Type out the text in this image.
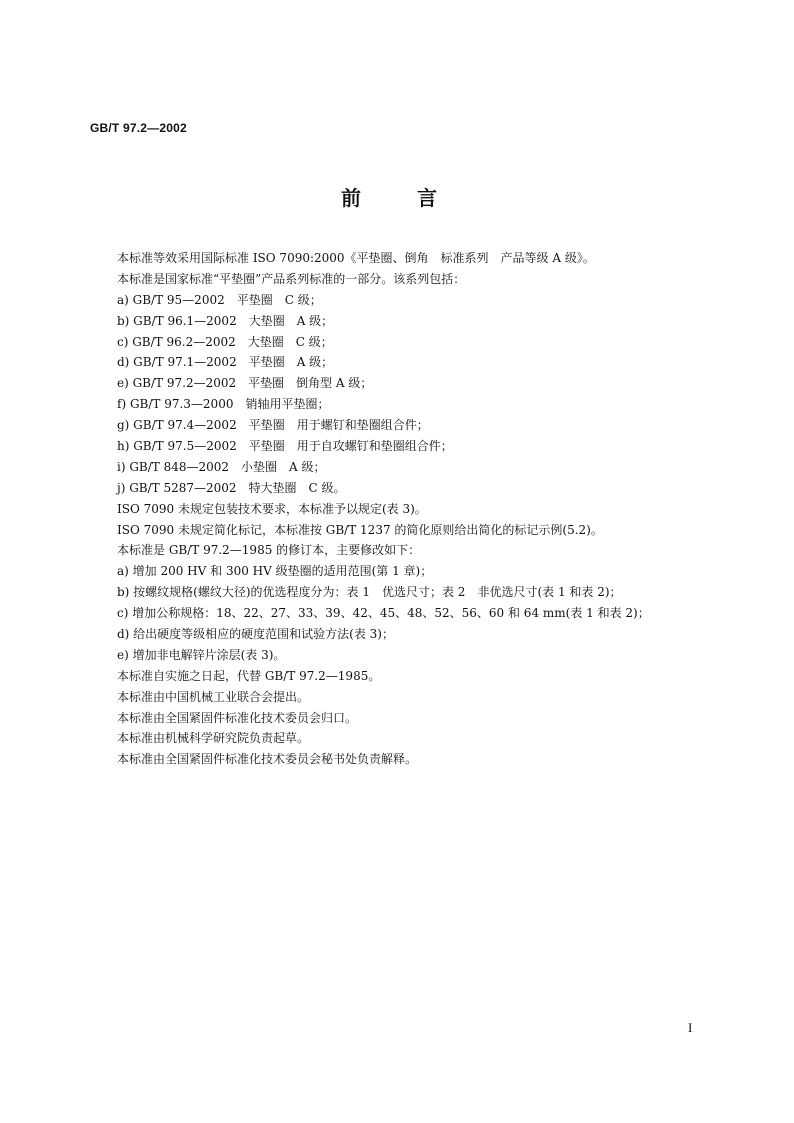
GB/T 97.2—2002
前言
本标准等效采用国际标准 ISO 7090:2000《平垫圈、倒角　标准系列　产品等级 A 级》。
本标准是国家标准“平垫圈”产品系列标准的一部分。该系列包括：
a) GB/T 95—2002　平垫圈　C 级；
b) GB/T 96.1—2002　大垫圈　A 级；
c) GB/T 96.2—2002　大垫圈　C 级；
d) GB/T 97.1—2002　平垫圈　A 级；
e) GB/T 97.2—2002　平垫圈　倒角型 A 级；
f) GB/T 97.3—2000　销轴用平垫圈；
g) GB/T 97.4—2002　平垫圈　用于螺钉和垫圈组合件；
h) GB/T 97.5—2002　平垫圈　用于自攻螺钉和垫圈组合件；
i) GB/T 848—2002　小垫圈　A 级；
j) GB/T 5287—2002　特大垫圈　C 级。
ISO 7090 未规定包装技术要求，本标准予以规定(表 3)。
ISO 7090 未规定简化标记，本标准按 GB/T 1237 的简化原则给出简化的标记示例(5.2)。
本标准是 GB/T 97.2—1985 的修订本，主要修改如下：
a) 增加 200 HV 和 300 HV 级垫圈的适用范围(第 1 章)；
b) 按螺纹规格(螺纹大径)的优选程度分为：表 1　优选尺寸；表 2　非优选尺寸(表 1 和表 2)；
c) 增加公称规格：18、22、27、33、39、42、45、48、52、56、60 和 64 mm(表 1 和表 2)；
d) 给出硬度等级相应的硬度范围和试验方法(表 3)；
e) 增加非电解锌片涂层(表 3)。
本标准自实施之日起，代替 GB/T 97.2—1985。
本标准由中国机械工业联合会提出。
本标准由全国紧固件标准化技术委员会归口。
本标准由机械科学研究院负责起草。
本标准由全国紧固件标准化技术委员会秘书处负责解释。
I
